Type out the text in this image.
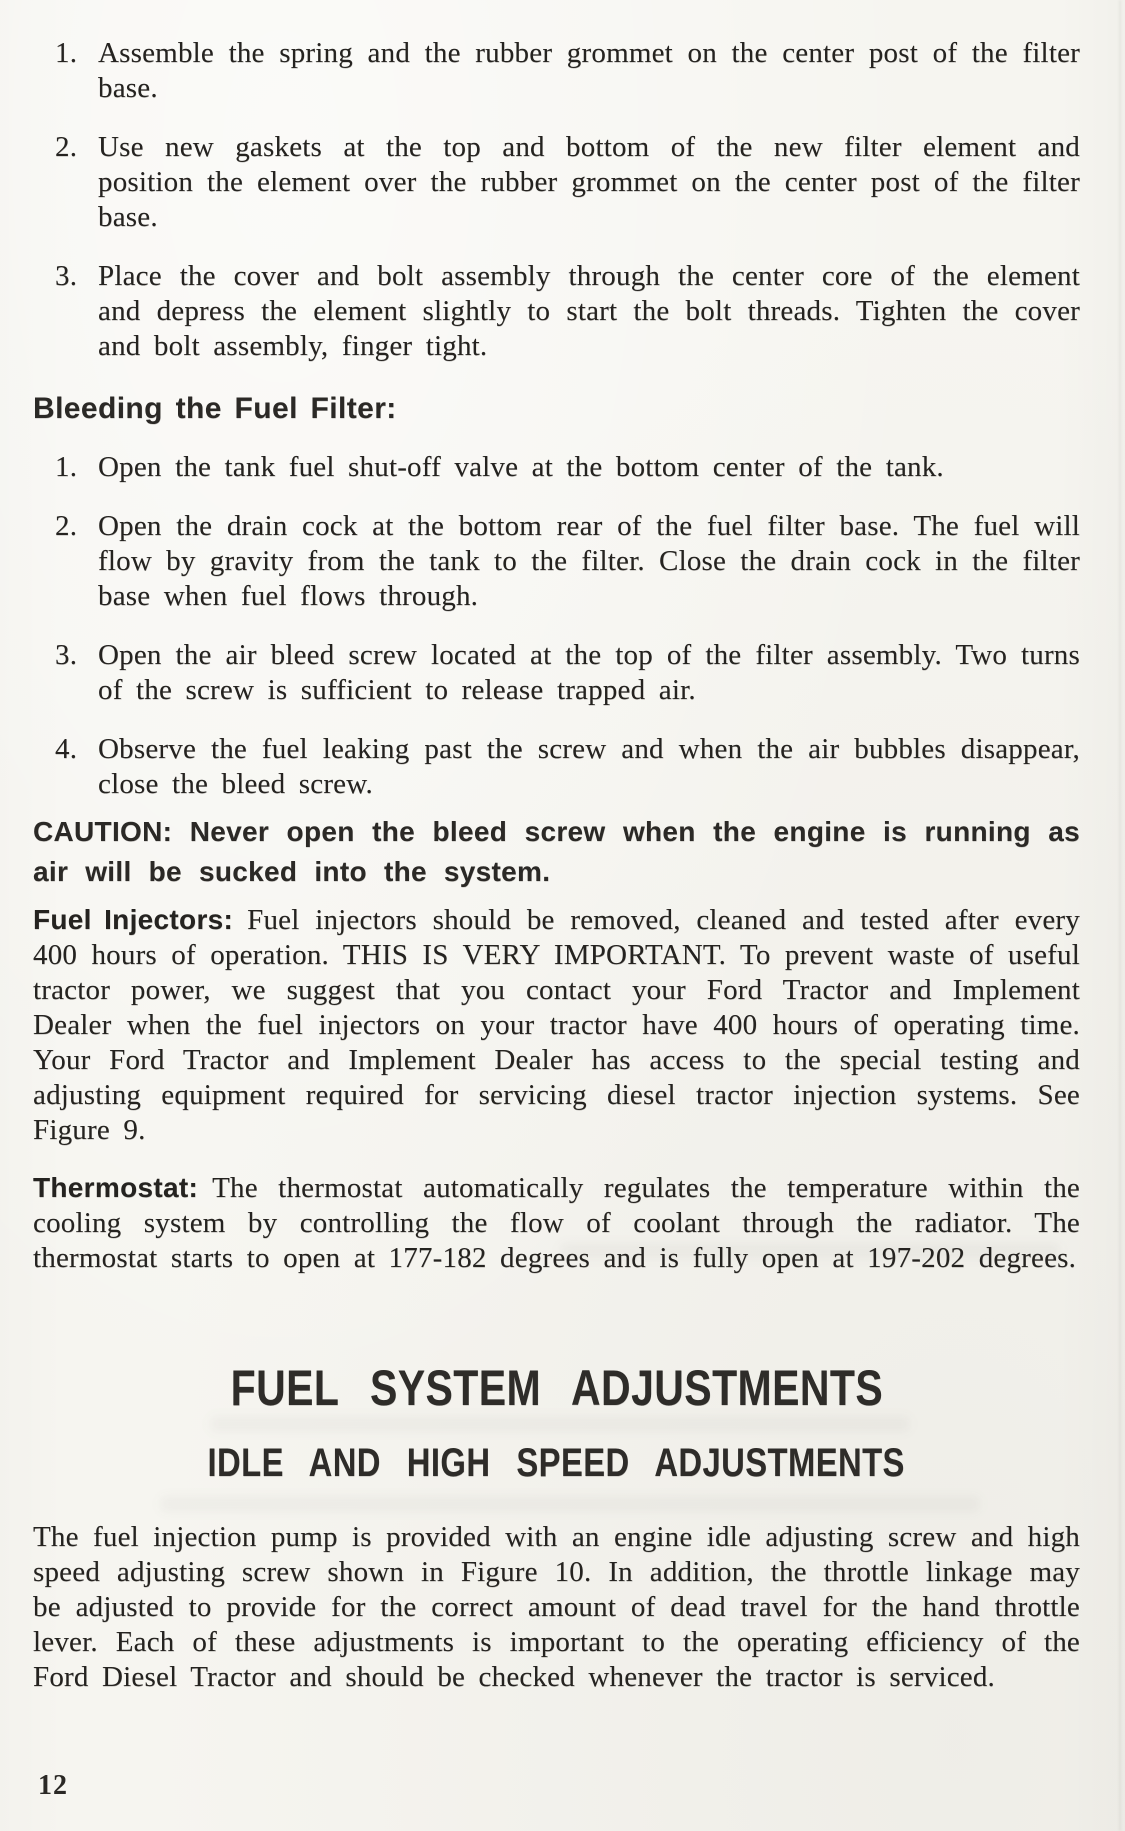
1. Assemble the spring and the rubber grommet on the center post of the filter base.
2. Use new gaskets at the top and bottom of the new filter element and position the element over the rubber grommet on the center post of the filter base.
3. Place the cover and bolt assembly through the center core of the element and depress the element slightly to start the bolt threads. Tighten the cover and bolt assembly, finger tight.
Bleeding the Fuel Filter:
1. Open the tank fuel shut-off valve at the bottom center of the tank.
2. Open the drain cock at the bottom rear of the fuel filter base. The fuel will flow by gravity from the tank to the filter. Close the drain cock in the filter base when fuel flows through.
3. Open the air bleed screw located at the top of the filter assembly. Two turns of the screw is sufficient to release trapped air.
4. Observe the fuel leaking past the screw and when the air bubbles disappear, close the bleed screw.
CAUTION: Never open the bleed screw when the engine is running as air will be sucked into the system.
Fuel Injectors: Fuel injectors should be removed, cleaned and tested after every 400 hours of operation. THIS IS VERY IMPORTANT. To prevent waste of useful tractor power, we suggest that you contact your Ford Tractor and Implement Dealer when the fuel injectors on your tractor have 400 hours of operating time. Your Ford Tractor and Implement Dealer has access to the special testing and adjusting equipment required for servicing diesel tractor injection systems. See Figure 9.
Thermostat: The thermostat automatically regulates the temperature within the cooling system by controlling the flow of coolant through the radiator. The thermostat starts to open at 177-182 degrees and is fully open at 197-202 degrees.
FUEL SYSTEM ADJUSTMENTS
IDLE AND HIGH SPEED ADJUSTMENTS
The fuel injection pump is provided with an engine idle adjusting screw and high speed adjusting screw shown in Figure 10. In addition, the throttle linkage may be adjusted to provide for the correct amount of dead travel for the hand throttle lever. Each of these adjustments is important to the operating efficiency of the Ford Diesel Tractor and should be checked whenever the tractor is serviced.
12
